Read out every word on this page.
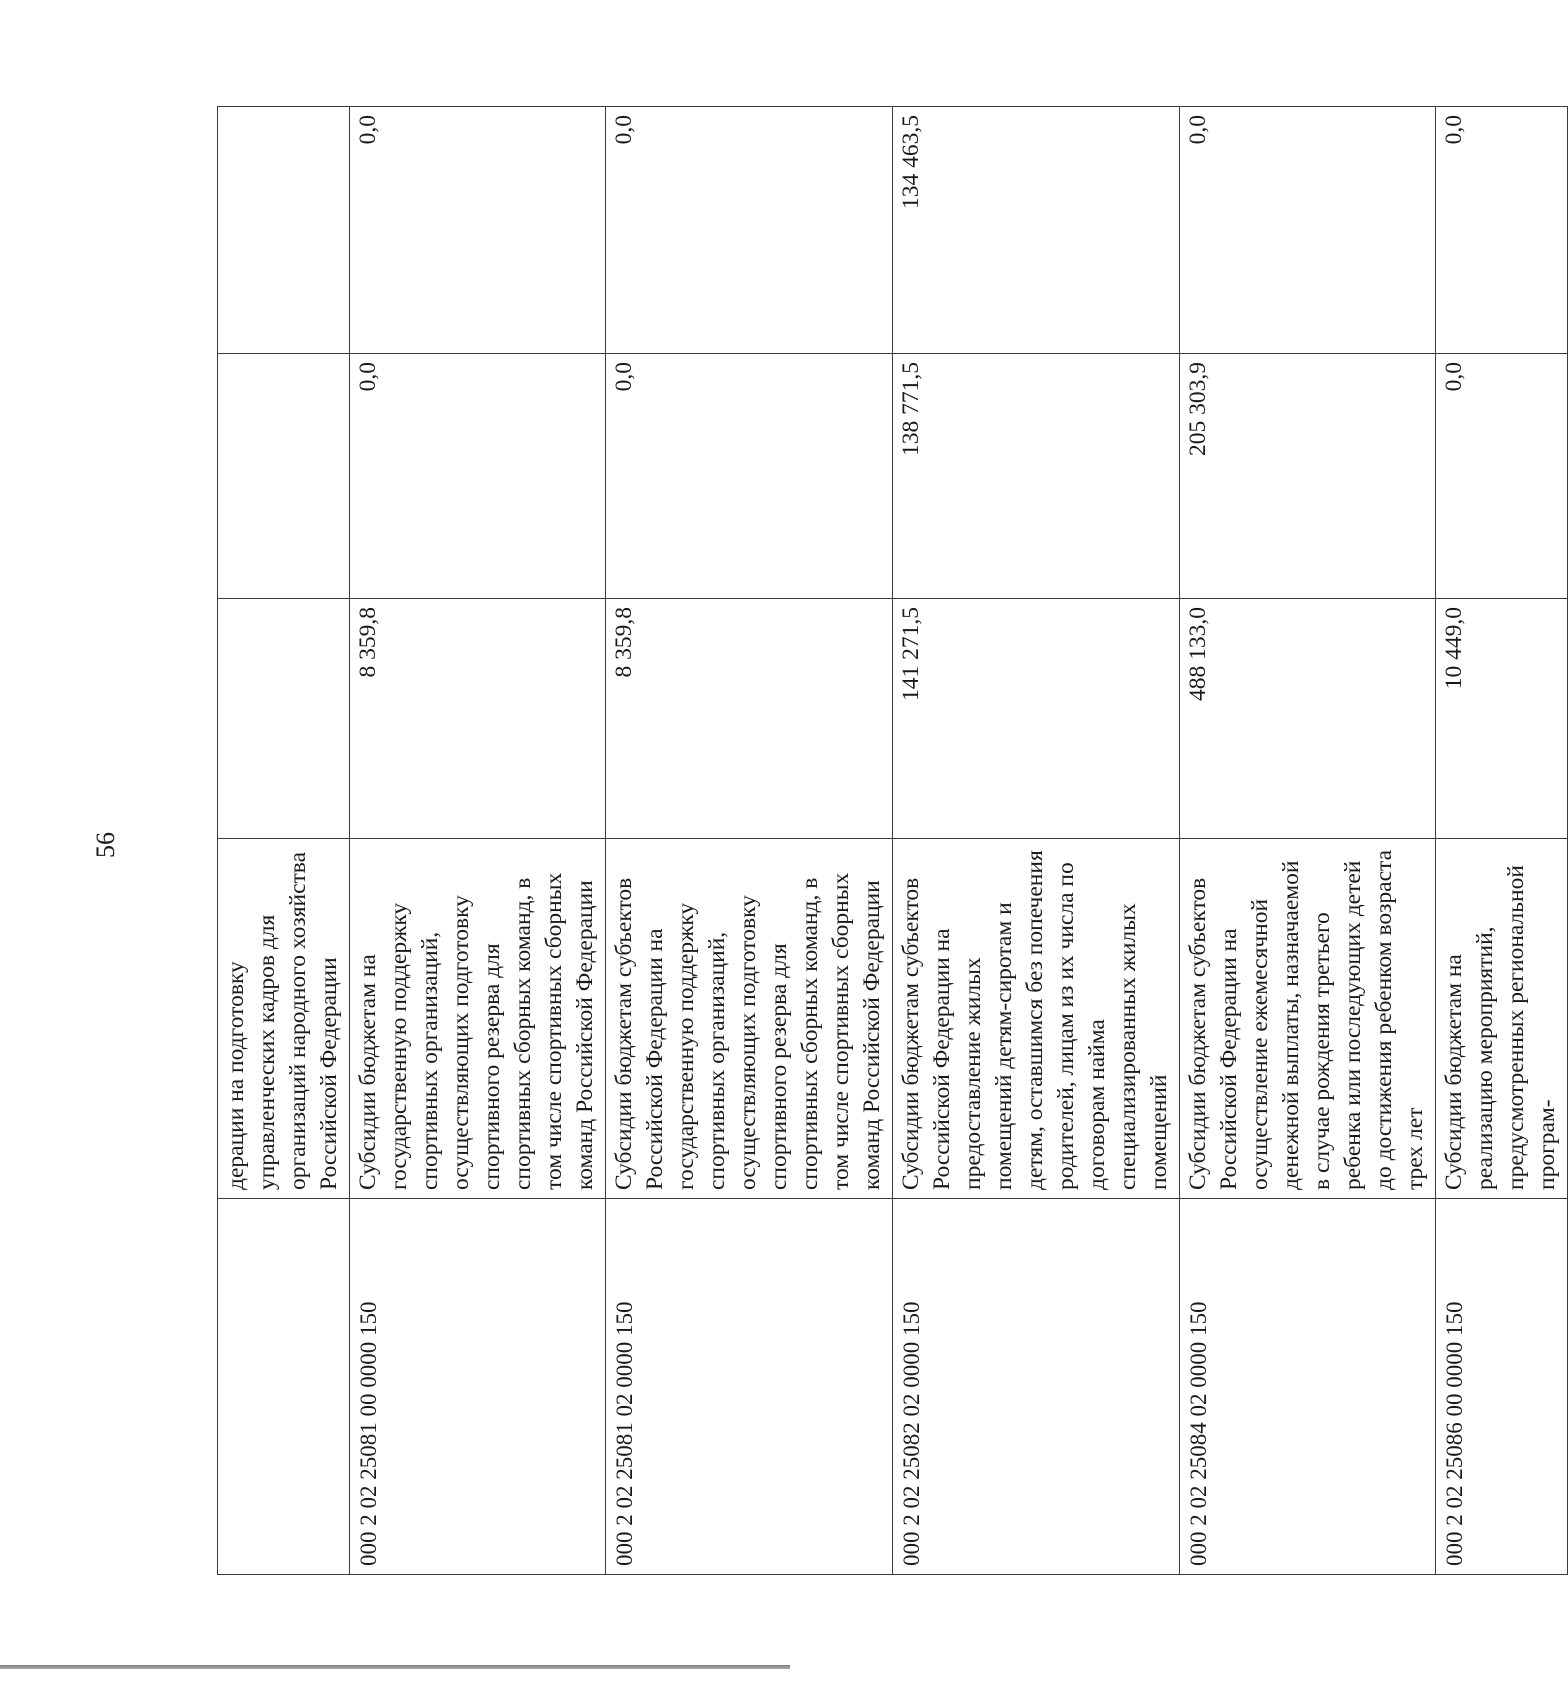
56
	дерации на подготовку управленческих кадров для организаций народного хозяйства Российской Федерации			
000 2 02 25081 00 0000 150	Субсидии бюджетам на государственную поддержку спортивных организаций, осуществляющих подготовку спортивного резерва для спортивных сборных команд, в том числе спортивных сборных команд Российской Федерации	8 359,8	0,0	0,0
000 2 02 25081 02 0000 150	Субсидии бюджетам субъектов Российской Федерации на государственную поддержку спортивных организаций, осуществляющих подготовку спортивного резерва для спортивных сборных команд, в том числе спортивных сборных команд Российской Федерации	8 359,8	0,0	0,0
000 2 02 25082 02 0000 150	Субсидии бюджетам субъектов Российской Федерации на предоставление жилых помещений детям-сиротам и детям, оставшимся без попечения родителей, лицам из их числа по договорам найма специализированных жилых помещений	141 271,5	138 771,5	134 463,5
000 2 02 25084 02 0000 150	Субсидии бюджетам субъектов Российской Федерации на осуществление ежемесячной денежной выплаты, назначаемой в случае рождения третьего ребенка или последующих детей до достижения ребенком возраста трех лет	488 133,0	205 303,9	0,0
000 2 02 25086 00 0000 150	Субсидии бюджетам на реализацию мероприятий, предусмотренных региональной програм-	10 449,0	0,0	0,0
